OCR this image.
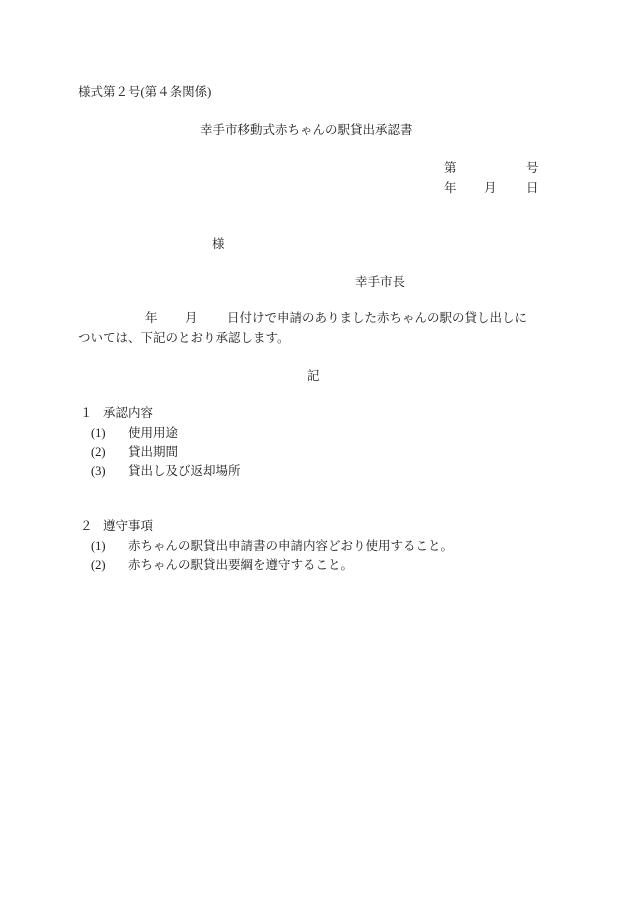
様式第２号(第４条関係)
幸手市移動式赤ちゃんの駅貸出承認書
第	号
年 月 日
様
幸手市長
年 月 日付けで申請のありました赤ちゃんの駅の貸し出しに
ついては、下記のとおり承認します。
記
１ 承認内容
(1)	使用用途
(2)	貸出期間
(3)	貸出し及び返却場所
２ 遵守事項
(1)	赤ちゃんの駅貸出申請書の申請内容どおり使用すること。
(2)	赤ちゃんの駅貸出要綱を遵守すること。
